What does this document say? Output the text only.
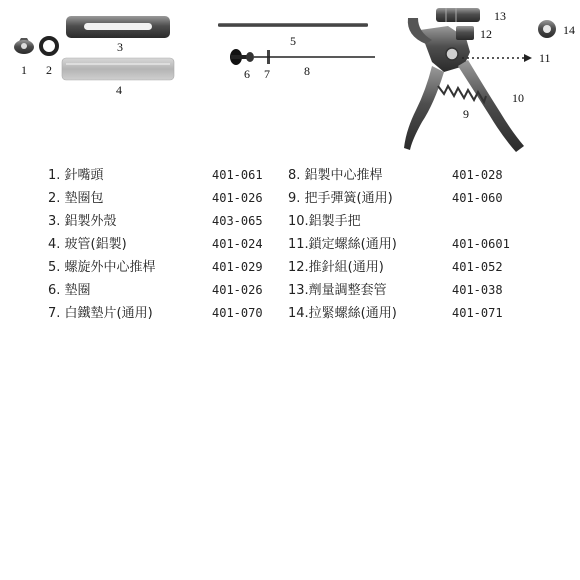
1 2
3
4
5
6 7	8
9
10
11
12
13
14
1. 針嘴頭	401-061 8. 鋁製中心推桿	401-028
2. 墊圈包	401-026 9. 把手彈簧(通用)	401-060
3. 鋁製外殼	403-065 10.鋁製手把
4. 玻管(鋁製)	401-024 11.鎖定螺絲(通用)	401-0601
5. 螺旋外中心推桿	401-029 12.推針組(通用)	401-052
6. 墊圈	401-026 13.劑量調整套管	401-038
7. 白鐵墊片(通用)	401-070 14.拉緊螺絲(通用)	401-071
